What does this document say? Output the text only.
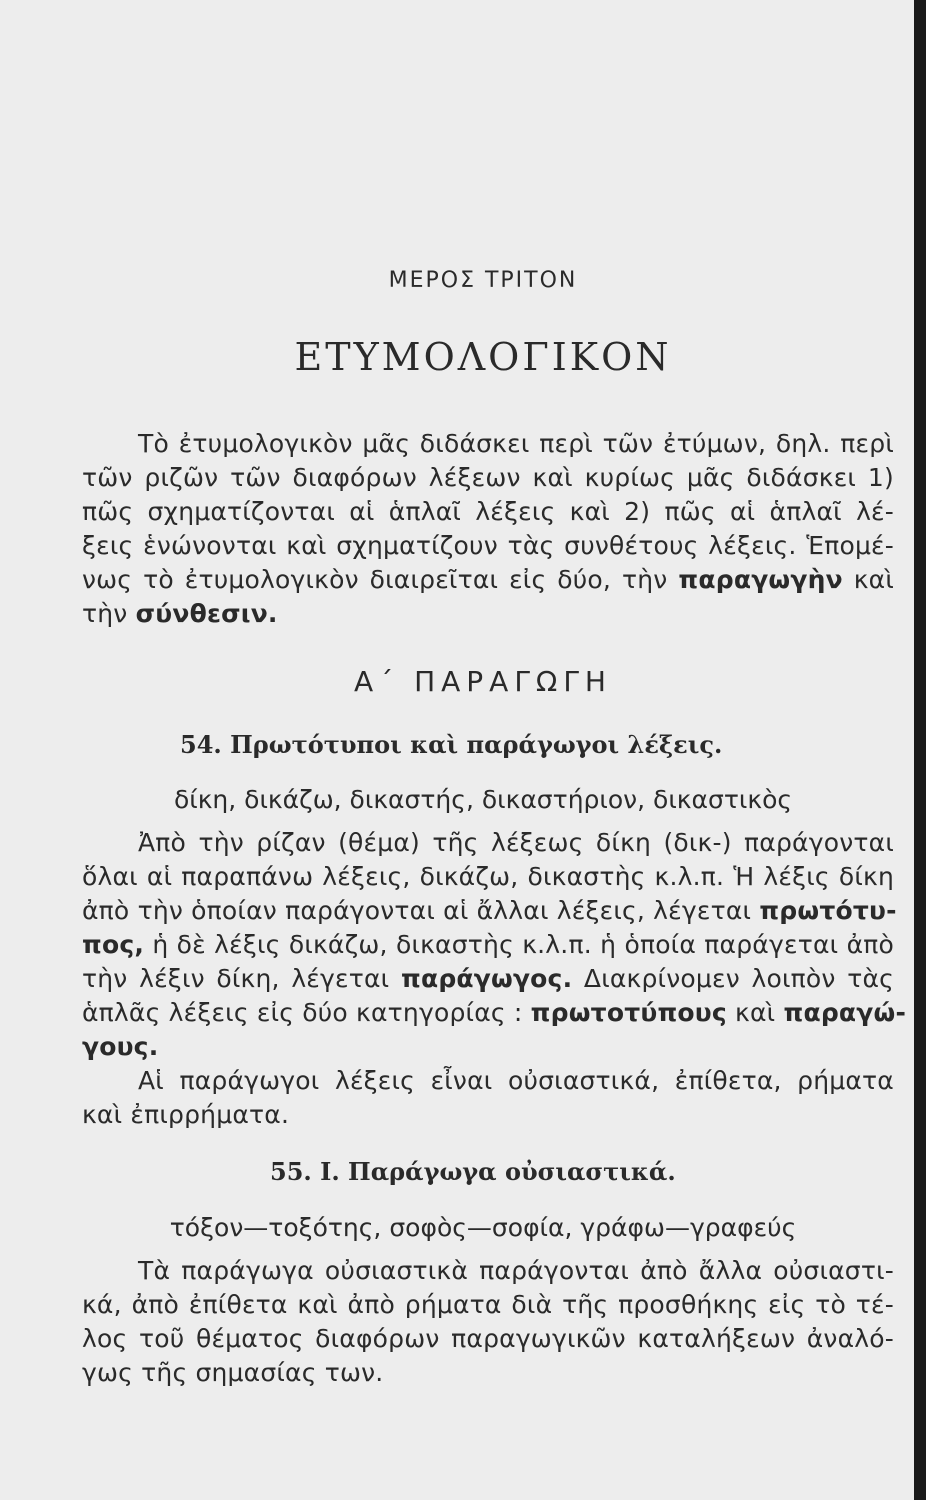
ΜΕΡΟΣ ΤΡΙΤΟΝ
ΕΤΥΜΟΛΟΓΙΚΟΝ
Τὸ ἐτυμολογικὸν μᾶς διδάσκει περὶ τῶν ἐτύμων, δηλ. περὶ
τῶν ριζῶν τῶν διαφόρων λέξεων καὶ κυρίως μᾶς διδάσκει 1)
πῶς σχηματίζονται αἱ ἁπλαῖ λέξεις καὶ 2) πῶς αἱ ἁπλαῖ λέ-
ξεις ἑνώνονται καὶ σχηματίζουν τὰς συνθέτους λέξεις. Ἑπομέ-
νως τὸ ἐτυμολογικὸν διαιρεῖται εἰς δύο, τὴν παραγωγὴν καὶ
τὴν σύνθεσιν.
Α΄ ΠΑΡΑΓΩΓΗ
54. Πρωτότυποι καὶ παράγωγοι λέξεις.
δίκη, δικάζω, δικαστής, δικαστήριον, δικαστικὸς
Ἀπὸ τὴν ρίζαν (θέμα) τῆς λέξεως δίκη (δικ-) παράγονται
ὅλαι αἱ παραπάνω λέξεις, δικάζω, δικαστὴς κ.λ.π. Ἡ λέξις δίκη
ἀπὸ τὴν ὁποίαν παράγονται αἱ ἄλλαι λέξεις, λέγεται πρωτότυ-
πος, ἡ δὲ λέξις δικάζω, δικαστὴς κ.λ.π. ἡ ὁποία παράγεται ἀπὸ
τὴν λέξιν δίκη, λέγεται παράγωγος. Διακρίνομεν λοιπὸν τὰς
ἁπλᾶς λέξεις εἰς δύο κατηγορίας : πρωτοτύπους καὶ παραγώ-
γους.
Αἱ παράγωγοι λέξεις εἶναι οὐσιαστικά, ἐπίθετα, ρήματα
καὶ ἐπιρρήματα.
55. Ι. Παράγωγα οὐσιαστικά.
τόξον—τοξότης, σοφὸς—σοφία, γράφω—γραφεύς
Τὰ παράγωγα οὐσιαστικὰ παράγονται ἀπὸ ἄλλα οὐσιαστι-
κά, ἀπὸ ἐπίθετα καὶ ἀπὸ ρήματα διὰ τῆς προσθήκης εἰς τὸ τέ-
λος τοῦ θέματος διαφόρων παραγωγικῶν καταλήξεων ἀναλό-
γως τῆς σημασίας των.
